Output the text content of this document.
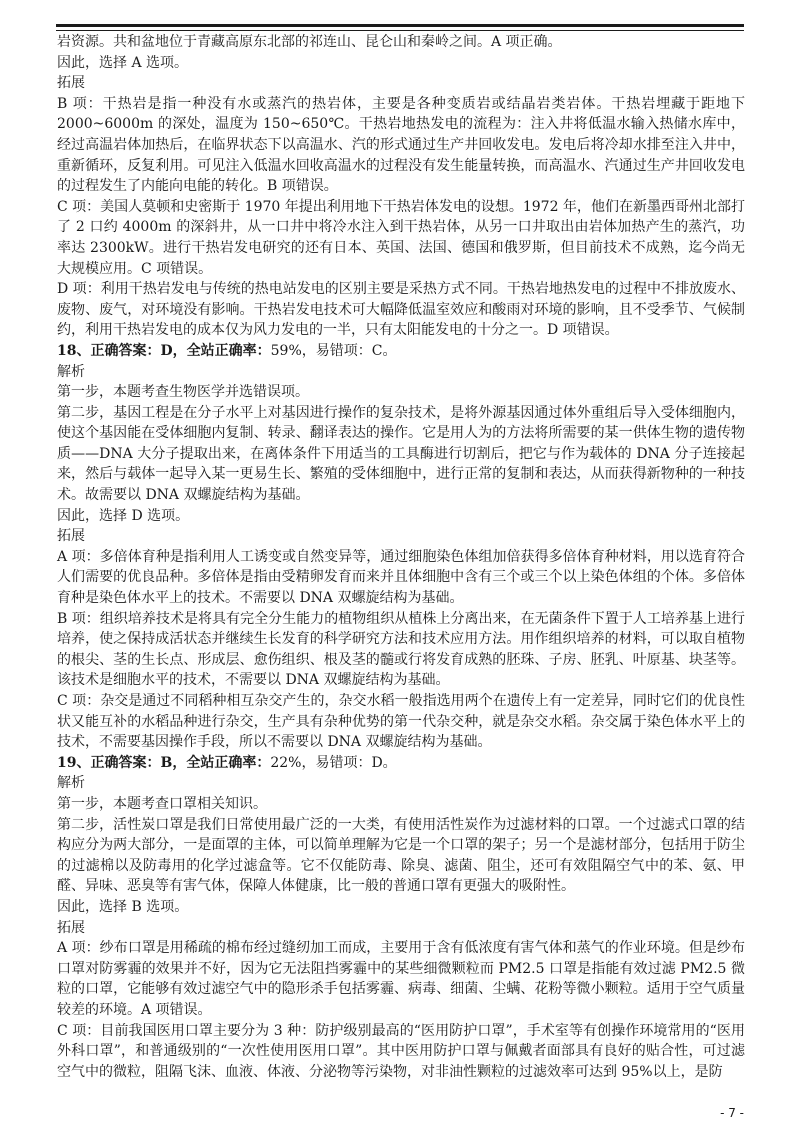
岩资源。共和盆地位于青藏高原东北部的祁连山、昆仑山和秦岭之间。A 项正确。

因此，选择 A 选项。

拓展

B 项：干热岩是指一种没有水或蒸汽的热岩体，主要是各种变质岩或结晶岩类岩体。干热岩埋藏于距地下 2000~6000m 的深处，温度为 150~650℃。干热岩地热发电的流程为：注入井将低温水输入热储水库中，经过高温岩体加热后，在临界状态下以高温水、汽的形式通过生产井回收发电。发电后将冷却水排至注入井中，重新循环，反复利用。可见注入低温水回收高温水的过程没有发生能量转换，而高温水、汽通过生产井回收发电的过程发生了内能向电能的转化。B 项错误。

C 项：美国人莫顿和史密斯于 1970 年提出利用地下干热岩体发电的设想。1972 年，他们在新墨西哥州北部打了 2 口约 4000m 的深斜井，从一口井中将冷水注入到干热岩体，从另一口井取出由岩体加热产生的蒸汽，功率达 2300kW。进行干热岩发电研究的还有日本、英国、法国、德国和俄罗斯，但目前技术不成熟，迄今尚无大规模应用。C 项错误。

D 项：利用干热岩发电与传统的热电站发电的区别主要是采热方式不同。干热岩地热发电的过程中不排放废水、废物、废气，对环境没有影响。干热岩发电技术可大幅降低温室效应和酸雨对环境的影响，且不受季节、气候制约，利用干热岩发电的成本仅为风力发电的一半，只有太阳能发电的十分之一。D 项错误。

18、正确答案：D，全站正确率：59%，易错项：C。

解析

第一步，本题考查生物医学并选错误项。

第二步，基因工程是在分子水平上对基因进行操作的复杂技术，是将外源基因通过体外重组后导入受体细胞内，使这个基因能在受体细胞内复制、转录、翻译表达的操作。它是用人为的方法将所需要的某一供体生物的遗传物质——DNA 大分子提取出来，在离体条件下用适当的工具酶进行切割后，把它与作为载体的 DNA 分子连接起来，然后与载体一起导入某一更易生长、繁殖的受体细胞中，进行正常的复制和表达，从而获得新物种的一种技术。故需要以 DNA 双螺旋结构为基础。

因此，选择 D 选项。

拓展

A 项：多倍体育种是指利用人工诱变或自然变异等，通过细胞染色体组加倍获得多倍体育种材料，用以选育符合人们需要的优良品种。多倍体是指由受精卵发育而来并且体细胞中含有三个或三个以上染色体组的个体。多倍体育种是染色体水平上的技术。不需要以 DNA 双螺旋结构为基础。

B 项：组织培养技术是将具有完全分生能力的植物组织从植株上分离出来，在无菌条件下置于人工培养基上进行培养，使之保持成活状态并继续生长发育的科学研究方法和技术应用方法。用作组织培养的材料，可以取自植物的根尖、茎的生长点、形成层、愈伤组织、根及茎的髓或行将发育成熟的胚珠、子房、胚乳、叶原基、块茎等。该技术是细胞水平的技术，不需要以 DNA 双螺旋结构为基础。

C 项：杂交是通过不同稻种相互杂交产生的，杂交水稻一般指选用两个在遗传上有一定差异，同时它们的优良性状又能互补的水稻品种进行杂交，生产具有杂种优势的第一代杂交种，就是杂交水稻。杂交属于染色体水平上的技术，不需要基因操作手段，所以不需要以 DNA 双螺旋结构为基础。

19、正确答案：B，全站正确率：22%，易错项：D。

解析

第一步，本题考查口罩相关知识。

第二步，活性炭口罩是我们日常使用最广泛的一大类，有使用活性炭作为过滤材料的口罩。一个过滤式口罩的结构应分为两大部分，一是面罩的主体，可以简单理解为它是一个口罩的架子；另一个是滤材部分，包括用于防尘的过滤棉以及防毒用的化学过滤盒等。它不仅能防毒、除臭、滤菌、阻尘，还可有效阻隔空气中的苯、氨、甲醛、异味、恶臭等有害气体，保障人体健康，比一般的普通口罩有更强大的吸附性。

因此，选择 B 选项。

拓展

A 项：纱布口罩是用稀疏的棉布经过缝纫加工而成，主要用于含有低浓度有害气体和蒸气的作业环境。但是纱布口罩对防雾霾的效果并不好，因为它无法阻挡雾霾中的某些细微颗粒而 PM2.5 口罩是指能有效过滤 PM2.5 微粒的口罩，它能够有效过滤空气中的隐形杀手包括雾霾、病毒、细菌、尘螨、花粉等微小颗粒。适用于空气质量较差的环境。A 项错误。

C 项：目前我国医用口罩主要分为 3 种：防护级别最高的“医用防护口罩”，手术室等有创操作环境常用的“医用外科口罩”，和普通级别的“一次性使用医用口罩”。其中医用防护口罩与佩戴者面部具有良好的贴合性，可过滤空气中的微粒，阻隔飞沫、血液、体液、分泌物等污染物，对非油性颗粒的过滤效率可达到 95%以上，是防

- 7 -
